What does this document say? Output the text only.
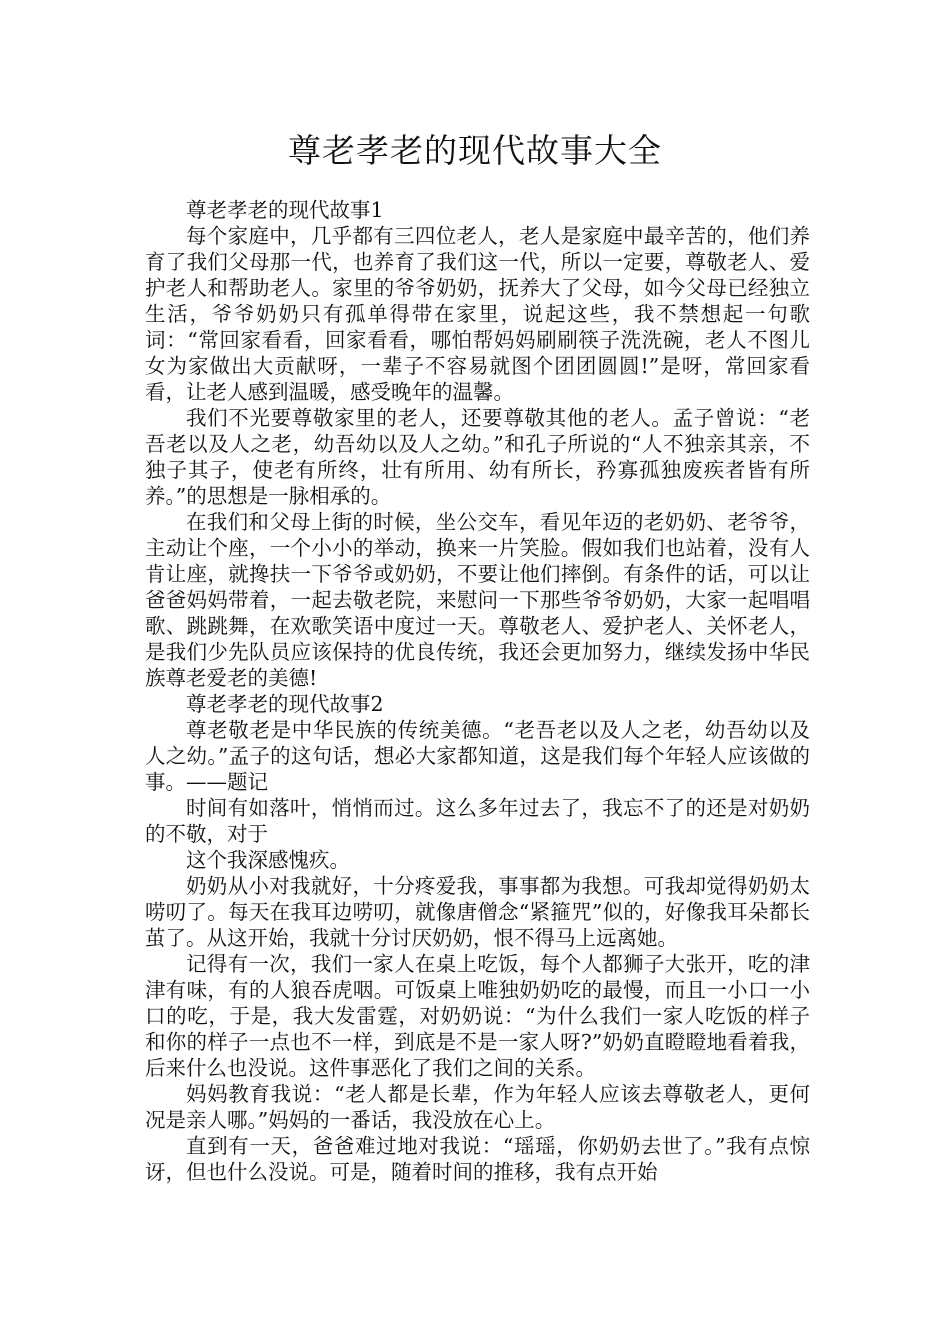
尊老孝老的现代故事大全

尊老孝老的现代故事1

每个家庭中，几乎都有三四位老人，老人是家庭中最辛苦的，他们养育了我们父母那一代，也养育了我们这一代，所以一定要，尊敬老人、爱护老人和帮助老人。家里的爷爷奶奶，抚养大了父母，如今父母已经独立生活，爷爷奶奶只有孤单得带在家里，说起这些，我不禁想起一句歌词：“常回家看看，回家看看，哪怕帮妈妈刷刷筷子洗洗碗，老人不图儿女为家做出大贡献呀，一辈子不容易就图个团团圆圆!”是呀，常回家看看，让老人感到温暖，感受晚年的温馨。

我们不光要尊敬家里的老人，还要尊敬其他的老人。孟子曾说：“老吾老以及人之老，幼吾幼以及人之幼。”和孔子所说的“人不独亲其亲，不独子其子，使老有所终，壮有所用、幼有所长，矜寡孤独废疾者皆有所养。”的思想是一脉相承的。

在我们和父母上街的时候，坐公交车，看见年迈的老奶奶、老爷爷，主动让个座，一个小小的举动，换来一片笑脸。假如我们也站着，没有人肯让座，就搀扶一下爷爷或奶奶，不要让他们摔倒。有条件的话，可以让爸爸妈妈带着，一起去敬老院，来慰问一下那些爷爷奶奶，大家一起唱唱歌、跳跳舞，在欢歌笑语中度过一天。尊敬老人、爱护老人、关怀老人，是我们少先队员应该保持的优良传统，我还会更加努力，继续发扬中华民族尊老爱老的美德!

尊老孝老的现代故事2

尊老敬老是中华民族的传统美德。“老吾老以及人之老，幼吾幼以及人之幼。”孟子的这句话，想必大家都知道，这是我们每个年轻人应该做的事。——题记

时间有如落叶，悄悄而过。这么多年过去了，我忘不了的还是对奶奶的不敬，对于

这个我深感愧疚。

奶奶从小对我就好，十分疼爱我，事事都为我想。可我却觉得奶奶太唠叨了。每天在我耳边唠叨，就像唐僧念“紧箍咒”似的，好像我耳朵都长茧了。从这开始，我就十分讨厌奶奶，恨不得马上远离她。

记得有一次，我们一家人在桌上吃饭，每个人都狮子大张开，吃的津津有味，有的人狼吞虎咽。可饭桌上唯独奶奶吃的最慢，而且一小口一小口的吃，于是，我大发雷霆，对奶奶说：“为什么我们一家人吃饭的样子和你的样子一点也不一样，到底是不是一家人呀?”奶奶直瞪瞪地看着我，后来什么也没说。这件事恶化了我们之间的关系。

妈妈教育我说：“老人都是长辈，作为年轻人应该去尊敬老人，更何况是亲人哪。”妈妈的一番话，我没放在心上。

直到有一天，爸爸难过地对我说：“瑶瑶，你奶奶去世了。”我有点惊讶，但也什么没说。可是，随着时间的推移，我有点开始
